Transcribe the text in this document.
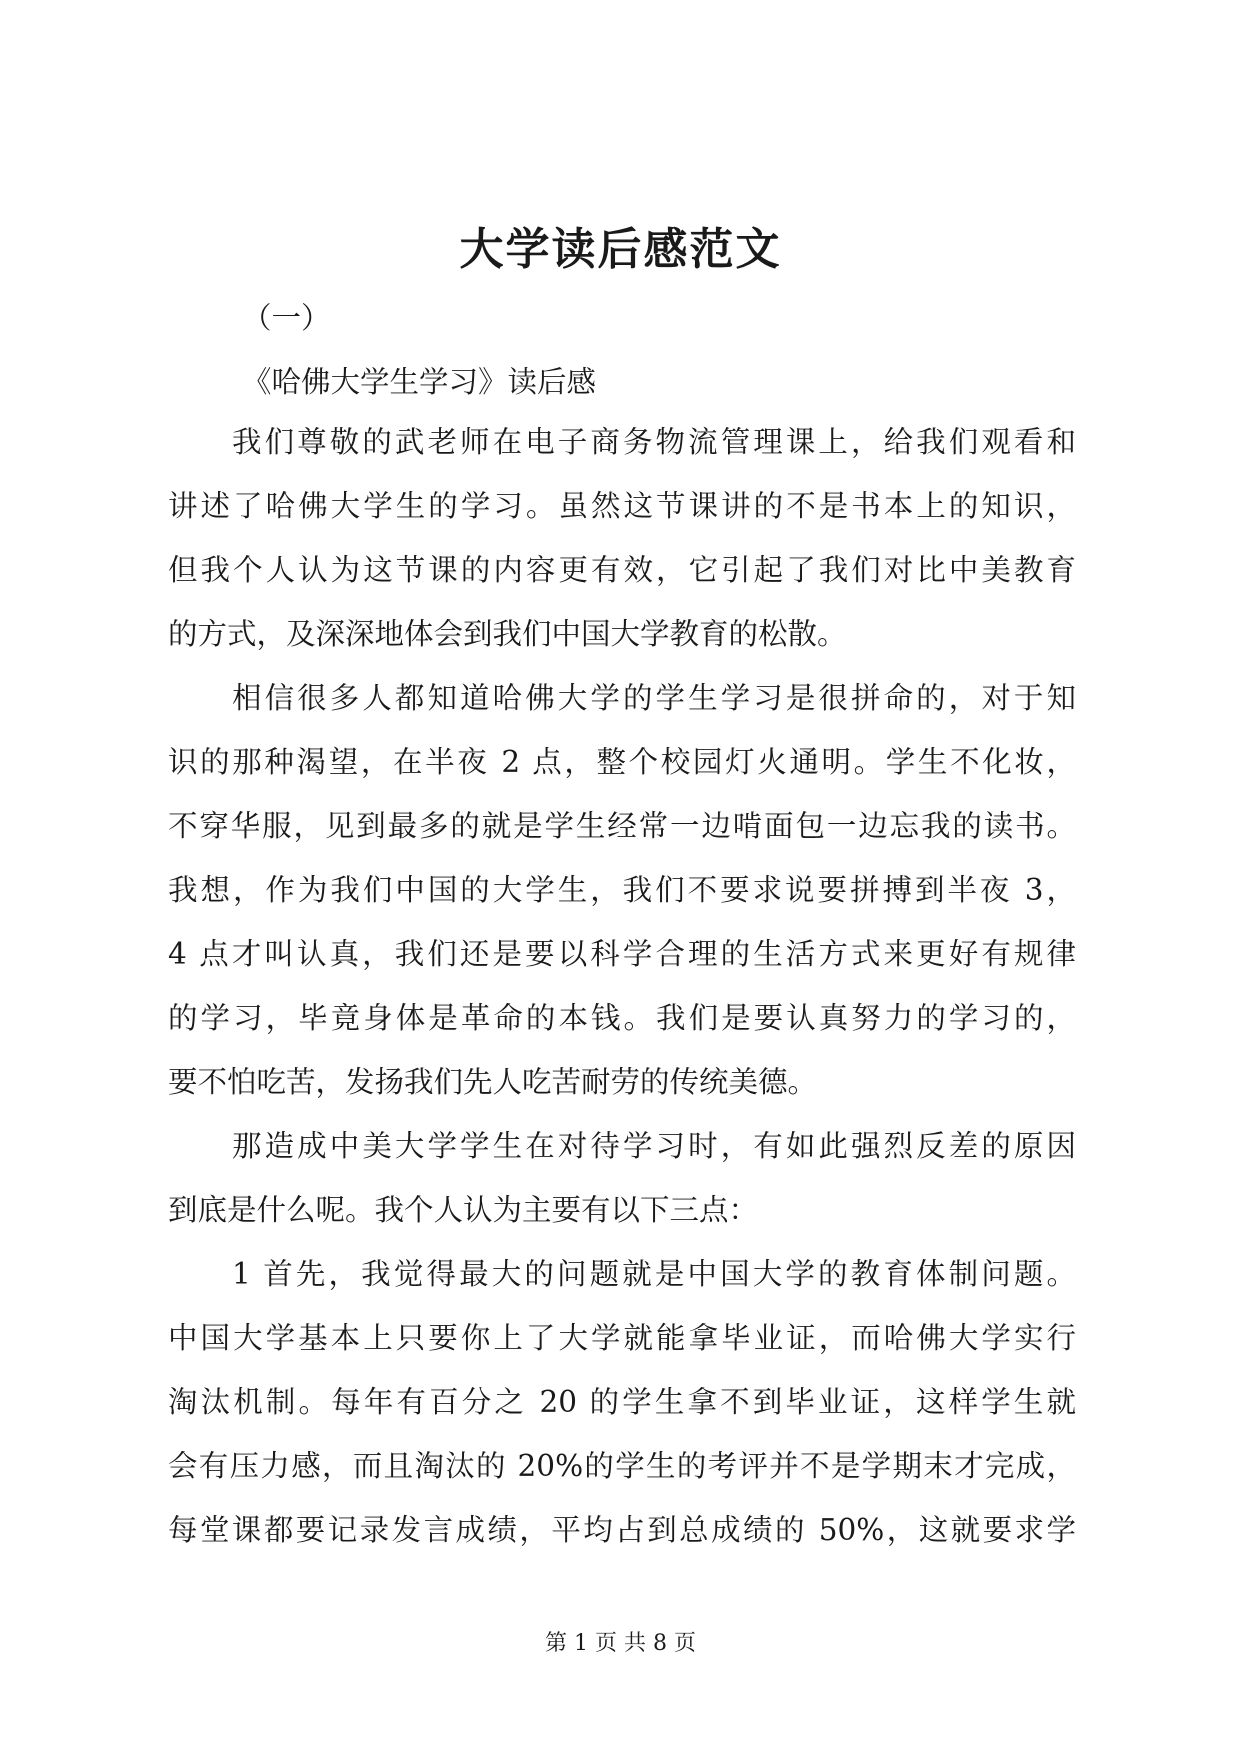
大学读后感范文
（一）
《哈佛大学生学习》读后感
我们尊敬的武老师在电子商务物流管理课上，给我们观看和
讲述了哈佛大学生的学习。虽然这节课讲的不是书本上的知识，
但我个人认为这节课的内容更有效，它引起了我们对比中美教育
的方式，及深深地体会到我们中国大学教育的松散。
相信很多人都知道哈佛大学的学生学习是很拼命的，对于知
识的那种渴望，在半夜 2 点，整个校园灯火通明。学生不化妆，
不穿华服，见到最多的就是学生经常一边啃面包一边忘我的读书。
我想，作为我们中国的大学生，我们不要求说要拼搏到半夜 3，
4 点才叫认真，我们还是要以科学合理的生活方式来更好有规律
的学习，毕竟身体是革命的本钱。我们是要认真努力的学习的，
要不怕吃苦，发扬我们先人吃苦耐劳的传统美德。
那造成中美大学学生在对待学习时，有如此强烈反差的原因
到底是什么呢。我个人认为主要有以下三点：
1 首先，我觉得最大的问题就是中国大学的教育体制问题。
中国大学基本上只要你上了大学就能拿毕业证，而哈佛大学实行
淘汰机制。每年有百分之 20 的学生拿不到毕业证，这样学生就
会有压力感，而且淘汰的 20%的学生的考评并不是学期末才完成，
每堂课都要记录发言成绩，平均占到总成绩的 50%，这就要求学
第 1 页 共 8 页
